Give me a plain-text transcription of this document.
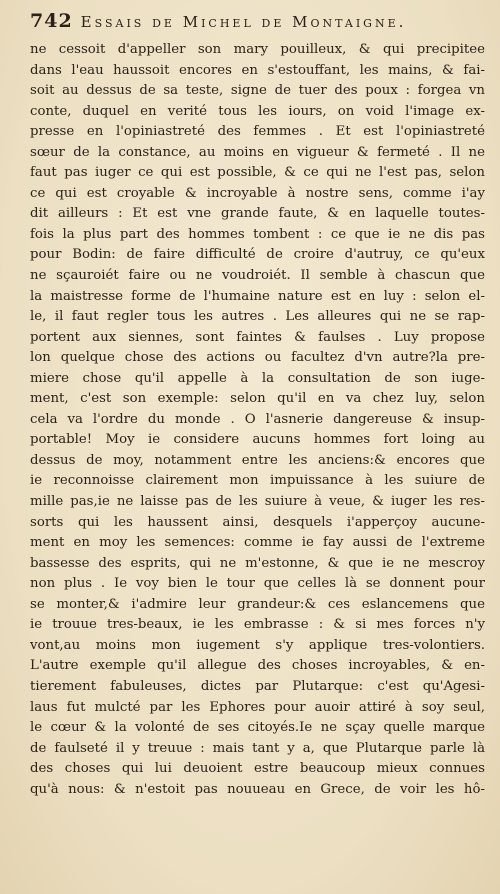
742 Essais de Michel de Montaigne.
ne cessoit d'appeller son mary pouilleux, & qui precipitee
dans l'eau haussoit encores en s'estouffant, les mains, & fai-
soit au dessus de sa teste, signe de tuer des poux : forgea vn
conte, duquel en verité tous les iours, on void l'image ex-
presse en l'opiniastreté des femmes . Et est l'opiniastreté
sœur de la constance, au moins en vigueur & fermeté . Il ne
faut pas iuger ce qui est possible, & ce qui ne l'est pas, selon
ce qui est croyable & incroyable à nostre sens, comme i'ay
dit ailleurs : Et est vne grande faute, & en laquelle toutes-
fois la plus part des hommes tombent : ce que ie ne dis pas
pour Bodin: de faire difficulté de croire d'autruy, ce qu'eux
ne sçauroiét faire ou ne voudroiét. Il semble à chascun que
la maistresse forme de l'humaine nature est en luy : selon el-
le, il faut regler tous les autres . Les alleures qui ne se rap-
portent aux siennes, sont faintes & faulses . Luy propose
lon quelque chose des actions ou facultez d'vn autre?la pre-
miere chose qu'il appelle à la consultation de son iuge-
ment, c'est son exemple: selon qu'il en va chez luy, selon
cela va l'ordre du monde . O l'asnerie dangereuse & insup-
portable! Moy ie considere aucuns hommes fort loing au
dessus de moy, notamment entre les anciens:& encores que
ie reconnoisse clairement mon impuissance à les suiure de
mille pas,ie ne laisse pas de les suiure à veue, & iuger les res-
sorts qui les haussent ainsi, desquels i'apperçoy aucune-
ment en moy les semences: comme ie fay aussi de l'extreme
bassesse des esprits, qui ne m'estonne, & que ie ne mescroy
non plus . Ie voy bien le tour que celles là se donnent pour
se monter,& i'admire leur grandeur:& ces eslancemens que
ie trouue tres-beaux, ie les embrasse : & si mes forces n'y
vont,au moins mon iugement s'y applique tres-volontiers.
L'autre exemple qu'il allegue des choses incroyables, & en-
tierement fabuleuses, dictes par Plutarque: c'est qu'Agesi-
laus fut mulcté par les Ephores pour auoir attiré à soy seul,
le cœur & la volonté de ses citoyés.Ie ne sçay quelle marque
de faulseté il y treuue : mais tant y a, que Plutarque parle là
des choses qui lui deuoient estre beaucoup mieux connues
qu'à nous: & n'estoit pas nouueau en Grece, de voir les hô-
